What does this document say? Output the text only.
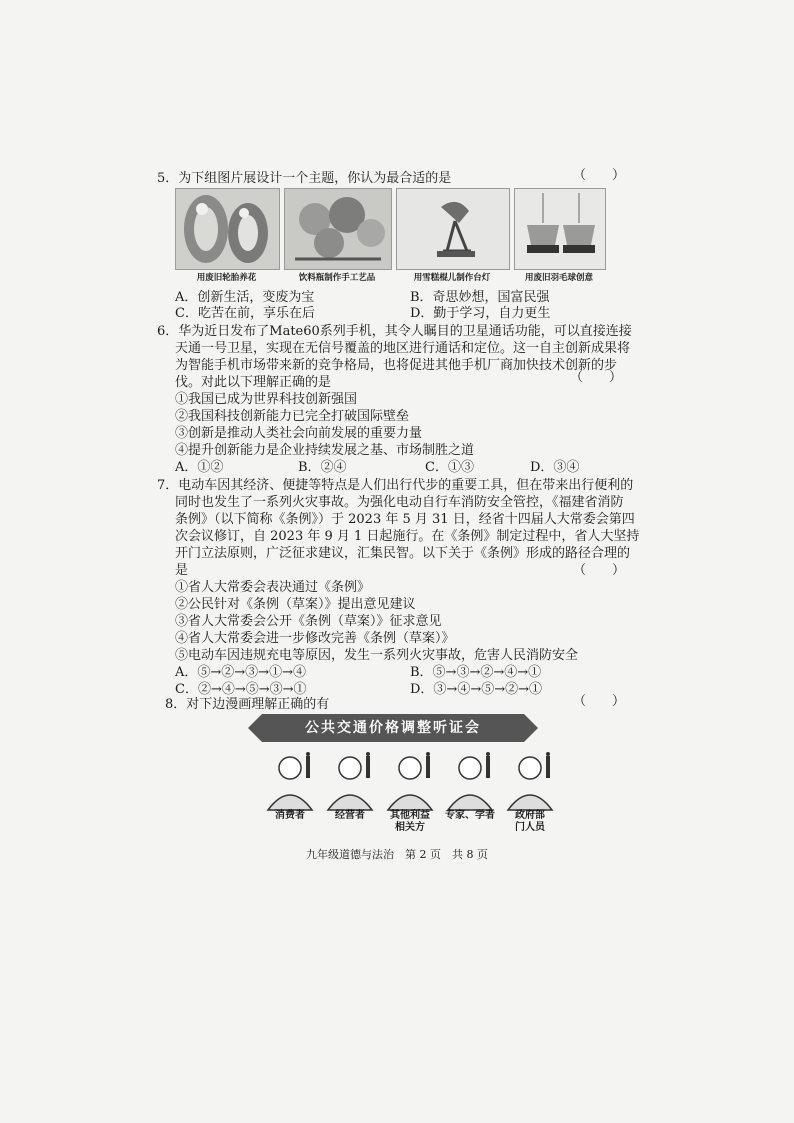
5．为下组图片展设计一个主题，你认为最合适的是	（　　）
用废旧轮胎养花	饮料瓶制作手工艺品	用雪糕棍儿制作台灯	用废旧羽毛球创意
A．创新生活，变废为宝	B．奇思妙想，国富民强
C．吃苦在前，享乐在后	D．勤于学习，自力更生
6．华为近日发布了Mate60系列手机，其令人瞩目的卫星通话功能，可以直接连接
天通一号卫星，实现在无信号覆盖的地区进行通话和定位。这一自主创新成果将
为智能手机市场带来新的竞争格局，也将促进其他手机厂商加快技术创新的步
伐。对此以下理解正确的是	（　　）
①我国已成为世界科技创新强国
②我国科技创新能力已完全打破国际壁垒
③创新是推动人类社会向前发展的重要力量
④提升创新能力是企业持续发展之基、市场制胜之道
A．①②	B．②④	C．①③	D．③④
7．电动车因其经济、便捷等特点是人们出行代步的重要工具，但在带来出行便利的
同时也发生了一系列火灾事故。为强化电动自行车消防安全管控，《福建省消防
条例》（以下简称《条例》）于 2023 年 5 月 31 日，经省十四届人大常委会第四
次会议修订，自 2023 年 9 月 1 日起施行。在《条例》制定过程中，省人大坚持
开门立法原则，广泛征求建议，汇集民智。以下关于《条例》形成的路径合理的
是	（　　）
①省人大常委会表决通过《条例》
②公民针对《条例（草案）》提出意见建议
③省人大常委会公开《条例（草案）》征求意见
④省人大常委会进一步修改完善《条例（草案）》
⑤电动车因违规充电等原因，发生一系列火灾事故，危害人民消防安全
A．⑤→②→③→①→④	B．⑤→③→②→④→①
C．②→④→⑤→③→①	D．③→④→⑤→②→①
8．对下边漫画理解正确的有	（　　）
公共交通价格调整听证会
消费者	经营者	其他利益
相关方
专家、学者	政府部
门人员
九年级道德与法治　第 2 页　共 8 页
